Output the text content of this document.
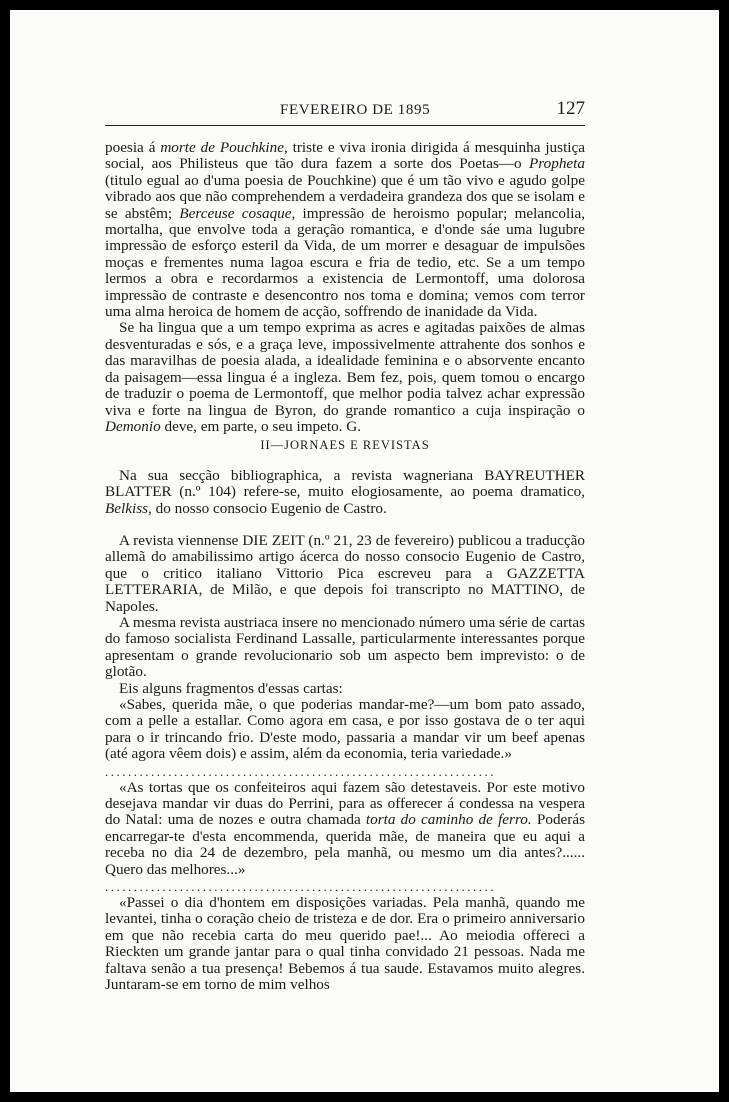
FEVEREIRO DE 1895	127

poesia á morte de Pouchkine, triste e viva ironia dirigida á mesquinha justiça social, aos Philisteus que tão dura fazem a sorte dos Poetas—o Propheta (titulo egual ao d'uma poesia de Pouchkine) que é um tão vivo e agudo golpe vibrado aos que não comprehendem a verdadeira grandeza dos que se isolam e se abstêm; Berceuse cosaque, impressão de heroismo popular; melancolia, mortalha, que envolve toda a geração romantica, e d'onde sáe uma lugubre impressão de esforço esteril da Vida, de um morrer e desaguar de impulsões moças e frementes numa lagoa escura e fria de tedio, etc. Se a um tempo lermos a obra e recordarmos a existencia de Lermontoff, uma dolorosa impressão de contraste e desencontro nos toma e domina; vemos com terror uma alma heroica de homem de acção, soffrendo de inanidade da Vida.

Se ha lingua que a um tempo exprima as acres e agitadas paixões de almas desventuradas e sós, e a graça leve, impossivelmente attrahente dos sonhos e das maravilhas de poesia alada, a idealidade feminina e o absorvente encanto da paisagem—essa lingua é a ingleza. Bem fez, pois, quem tomou o encargo de traduzir o poema de Lermontoff, que melhor podia talvez achar expressão viva e forte na lingua de Byron, do grande romantico a cuja inspiração o Demonio deve, em parte, o seu impeto. G.

II—JORNAES E REVISTAS

Na sua secção bibliographica, a revista wagneriana BAYREUTHER BLATTER (n.º 104) refere-se, muito elogiosamente, ao poema dramatico, Belkiss, do nosso consocio Eugenio de Castro.

A revista viennense DIE ZEIT (n.º 21, 23 de fevereiro) publicou a traducção allemã do amabilissimo artigo ácerca do nosso consocio Eugenio de Castro, que o critico italiano Vittorio Pica escreveu para a GAZZETTA LETTERARIA, de Milão, e que depois foi transcripto no MATTINO, de Napoles.

A mesma revista austriaca insere no mencionado número uma série de cartas do famoso socialista Ferdinand Lassalle, particularmente interessantes porque apresentam o grande revolucionario sob um aspecto bem imprevisto: o de glotão.

Eis alguns fragmentos d'essas cartas:

«Sabes, querida mãe, o que poderias mandar-me?—um bom pato assado, com a pelle a estallar. Como agora em casa, e por isso gostava de o ter aqui para o ir trincando frio. D'este modo, passaria a mandar vir um beef apenas (até agora vêem dois) e assim, além da economia, teria variedade.»

....................................................................

«As tortas que os confeiteiros aqui fazem são detestaveis. Por este motivo desejava mandar vir duas do Perrini, para as offerecer á condessa na vespera do Natal: uma de nozes e outra chamada torta do caminho de ferro. Poderás encarregar-te d'esta encommenda, querida mãe, de maneira que eu aqui a receba no dia 24 de dezembro, pela manhã, ou mesmo um dia antes?...... Quero das melhores...»

....................................................................

«Passei o dia d'hontem em disposições variadas. Pela manhã, quando me levantei, tinha o coração cheio de tristeza e de dor. Era o primeiro anniversario em que não recebia carta do meu querido pae!... Ao meiodia offereci a Rieckten um grande jantar para o qual tinha convidado 21 pessoas. Nada me faltava senão a tua presença! Bebemos á tua saude. Estavamos muito alegres. Juntaram-se em torno de mim velhos
